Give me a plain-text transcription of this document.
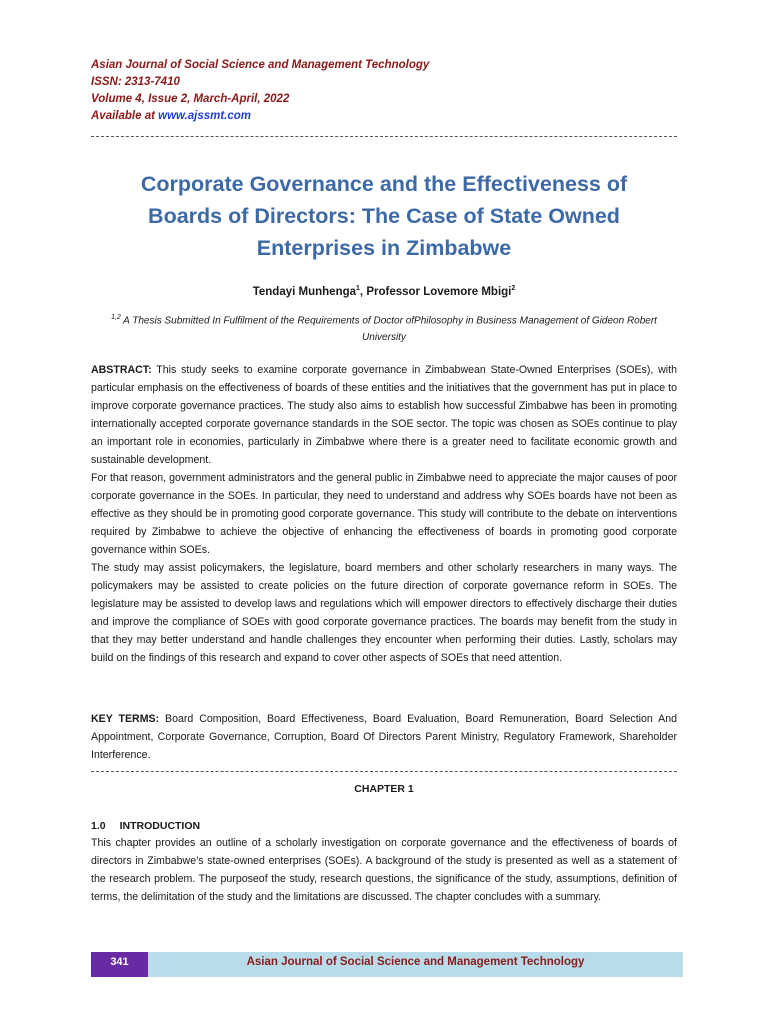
Asian Journal of Social Science and Management Technology
ISSN: 2313-7410
Volume 4, Issue 2, March-April, 2022
Available at www.ajssmt.com
Corporate Governance and the Effectiveness of
Boards of Directors: The Case of State Owned
Enterprises in Zimbabwe
Tendayi Munhenga$^1$, Professor Lovemore Mbigi$^2$
$^{1,2}$ A Thesis Submitted In Fulfilment of the Requirements of Doctor ofPhilosophy in Business Management of Gideon Robert University

ABSTRACT: This study seeks to examine corporate governance in Zimbabwean State-Owned Enterprises (SOEs), with particular emphasis on the effectiveness of boards of these entities and the initiatives that the government has put in place to improve corporate governance practices. The study also aims to establish how successful Zimbabwe has been in promoting internationally accepted corporate governance standards in the SOE sector. The topic was chosen as SOEs continue to play an important role in economies, particularly in Zimbabwe where there is a greater need to facilitate economic growth and sustainable development.

For that reason, government administrators and the general public in Zimbabwe need to appreciate the major causes of poor corporate governance in the SOEs. In particular, they need to understand and address why SOEs boards have not been as effective as they should be in promoting good corporate governance. This study will contribute to the debate on interventions required by Zimbabwe to achieve the objective of enhancing the effectiveness of boards in promoting good corporate governance within SOEs.

The study may assist policymakers, the legislature, board members and other scholarly researchers in many ways. The policymakers may be assisted to create policies on the future direction of corporate governance reform in SOEs. The legislature may be assisted to develop laws and regulations which will empower directors to effectively discharge their duties and improve the compliance of SOEs with good corporate governance practices. The boards may benefit from the study in that they may better understand and handle challenges they encounter when performing their duties. Lastly, scholars may build on the findings of this research and expand to cover other aspects of SOEs that need attention.

KEY TERMS: Board Composition, Board Effectiveness, Board Evaluation, Board Remuneration, Board Selection And Appointment, Corporate Governance, Corruption, Board Of Directors Parent Ministry, Regulatory Framework, Shareholder Interference.

CHAPTER 1
1.0 INTRODUCTION

This chapter provides an outline of a scholarly investigation on corporate governance and the effectiveness of boards of directors in Zimbabwe’s state-owned enterprises (SOEs). A background of the study is presented as well as a statement of the research problem. The purposeof the study, research questions, the significance of the study, assumptions, definition of terms, the delimitation of the study and the limitations are discussed. The chapter concludes with a summary.

341	Asian Journal of Social Science and Management Technology
